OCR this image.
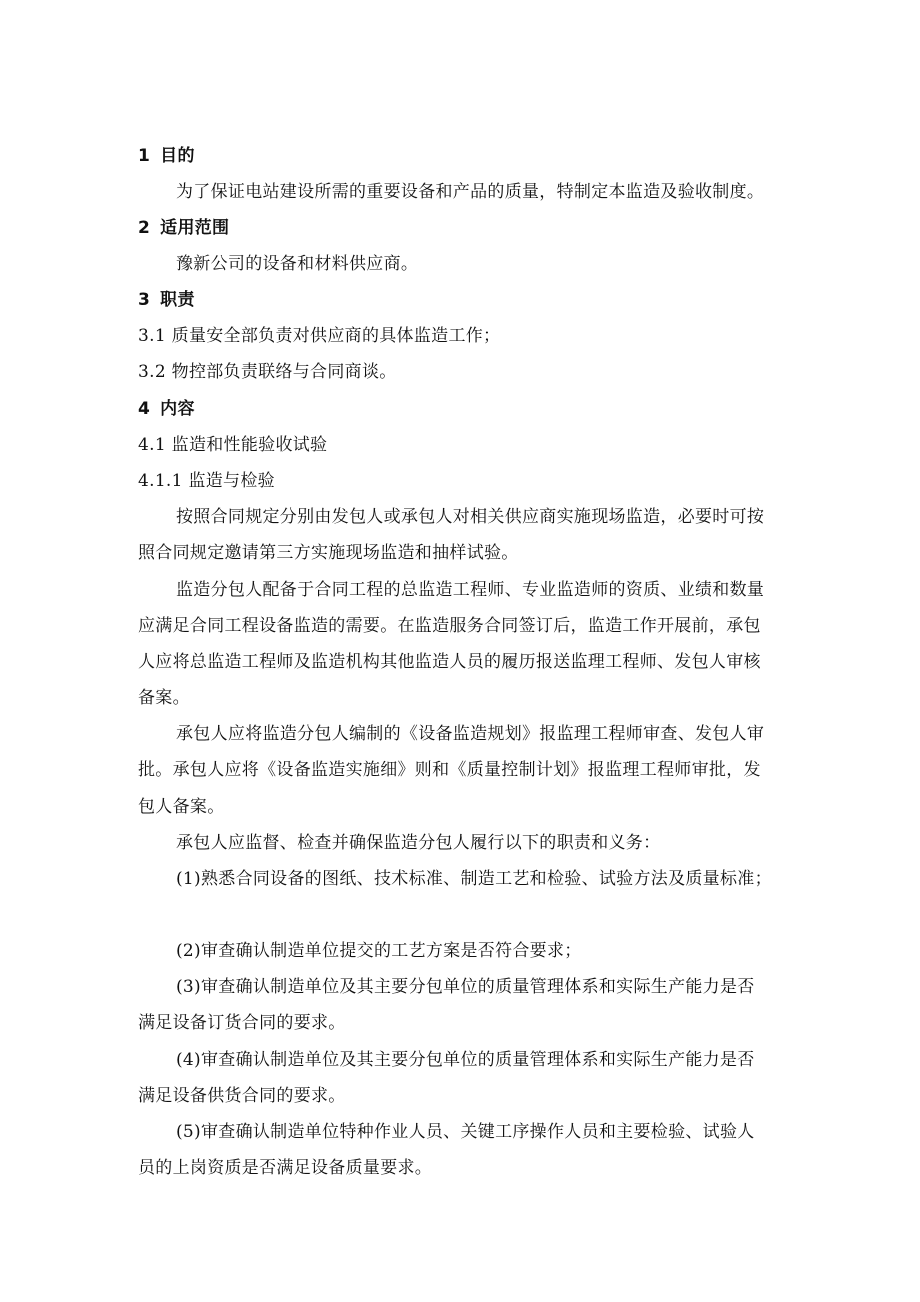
1 目的
为了保证电站建设所需的重要设备和产品的质量，特制定本监造及验收制度。
2 适用范围
豫新公司的设备和材料供应商。
3 职责
3.1 质量安全部负责对供应商的具体监造工作；
3.2 物控部负责联络与合同商谈。
4 内容
4.1 监造和性能验收试验
4.1.1 监造与检验
按照合同规定分别由发包人或承包人对相关供应商实施现场监造，必要时可按
照合同规定邀请第三方实施现场监造和抽样试验。
监造分包人配备于合同工程的总监造工程师、专业监造师的资质、业绩和数量
应满足合同工程设备监造的需要。在监造服务合同签订后，监造工作开展前，承包
人应将总监造工程师及监造机构其他监造人员的履历报送监理工程师、发包人审核
备案。
承包人应将监造分包人编制的《设备监造规划》报监理工程师审查、发包人审
批。承包人应将《设备监造实施细》则和《质量控制计划》报监理工程师审批，发
包人备案。
承包人应监督、检查并确保监造分包人履行以下的职责和义务：
(1)熟悉合同设备的图纸、技术标准、制造工艺和检验、试验方法及质量标准；
(2)审查确认制造单位提交的工艺方案是否符合要求；
(3)审查确认制造单位及其主要分包单位的质量管理体系和实际生产能力是否
满足设备订货合同的要求。
(4)审查确认制造单位及其主要分包单位的质量管理体系和实际生产能力是否
满足设备供货合同的要求。
(5)审查确认制造单位特种作业人员、关键工序操作人员和主要检验、试验人
员的上岗资质是否满足设备质量要求。
